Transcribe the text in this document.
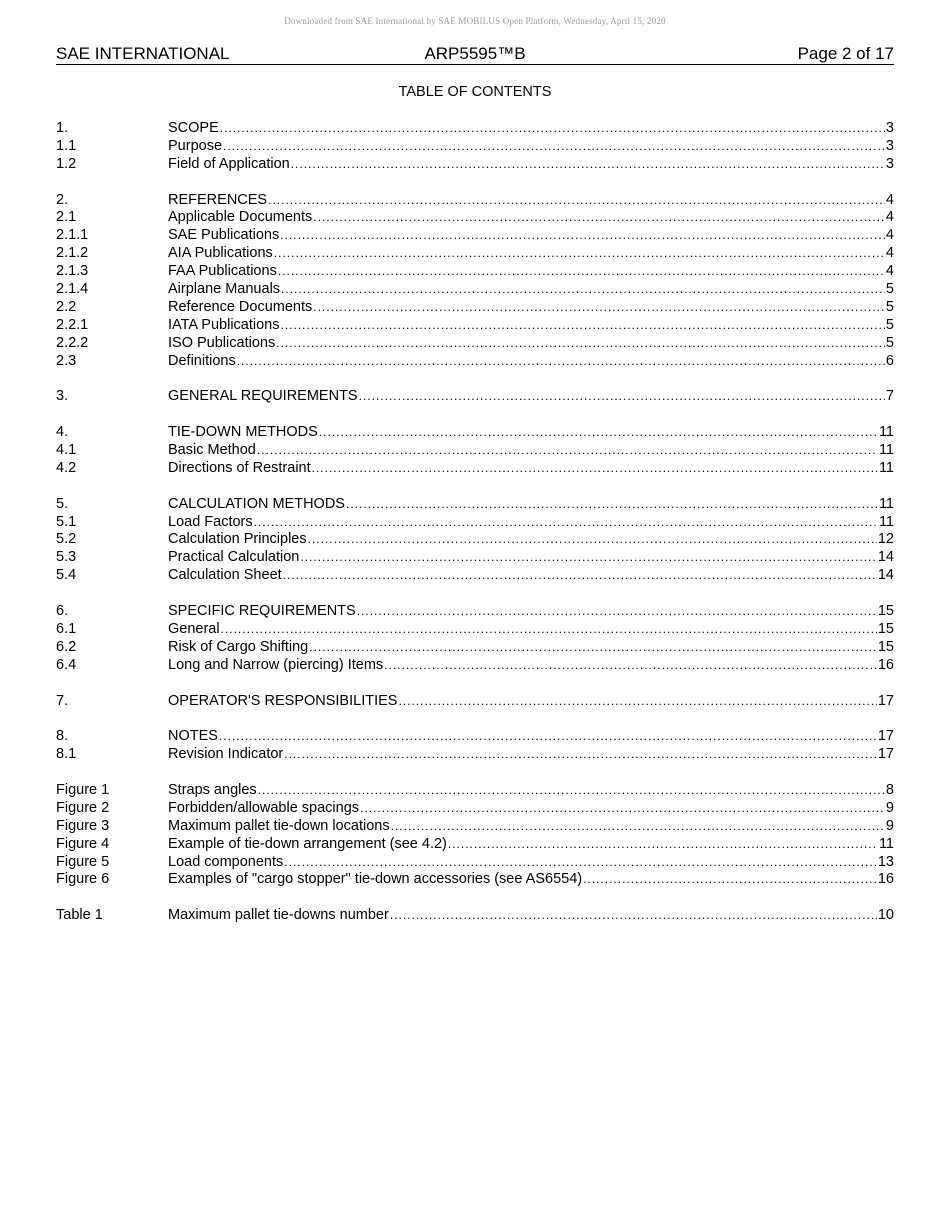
Downloaded from SAE International by SAE MOBILUS Open Platform, Wednesday, April 15, 2020
SAE INTERNATIONAL	ARP5595™B	Page 2 of 17
TABLE OF CONTENTS
1.	SCOPE .....	3
1.1	Purpose .....	3
1.2	Field of Application .....	3
2.	REFERENCES .....	4
2.1	Applicable Documents .....	4
2.1.1	SAE Publications .....	4
2.1.2	AIA Publications .....	4
2.1.3	FAA Publications .....	4
2.1.4	Airplane Manuals .....	5
2.2	Reference Documents .....	5
2.2.1	IATA Publications .....	5
2.2.2	ISO Publications .....	5
2.3	Definitions .....	6
3.	GENERAL REQUIREMENTS .....	7
4.	TIE-DOWN METHODS .....	11
4.1	Basic Method .....	11
4.2	Directions of Restraint .....	11
5.	CALCULATION METHODS .....	11
5.1	Load Factors .....	11
5.2	Calculation Principles .....	12
5.3	Practical Calculation .....	14
5.4	Calculation Sheet .....	14
6.	SPECIFIC REQUIREMENTS .....	15
6.1	General .....	15
6.2	Risk of Cargo Shifting .....	15
6.4	Long and Narrow (piercing) Items .....	16
7.	OPERATOR'S RESPONSIBILITIES .....	17
8.	NOTES .....	17
8.1	Revision Indicator .....	17
Figure 1	Straps angles .....	8
Figure 2	Forbidden/allowable spacings .....	9
Figure 3	Maximum pallet tie-down locations .....	9
Figure 4	Example of tie-down arrangement (see 4.2) .....	11
Figure 5	Load components .....	13
Figure 6	Examples of "cargo stopper" tie-down accessories (see AS6554) .....	16
Table 1	Maximum pallet tie-downs number .....	10
